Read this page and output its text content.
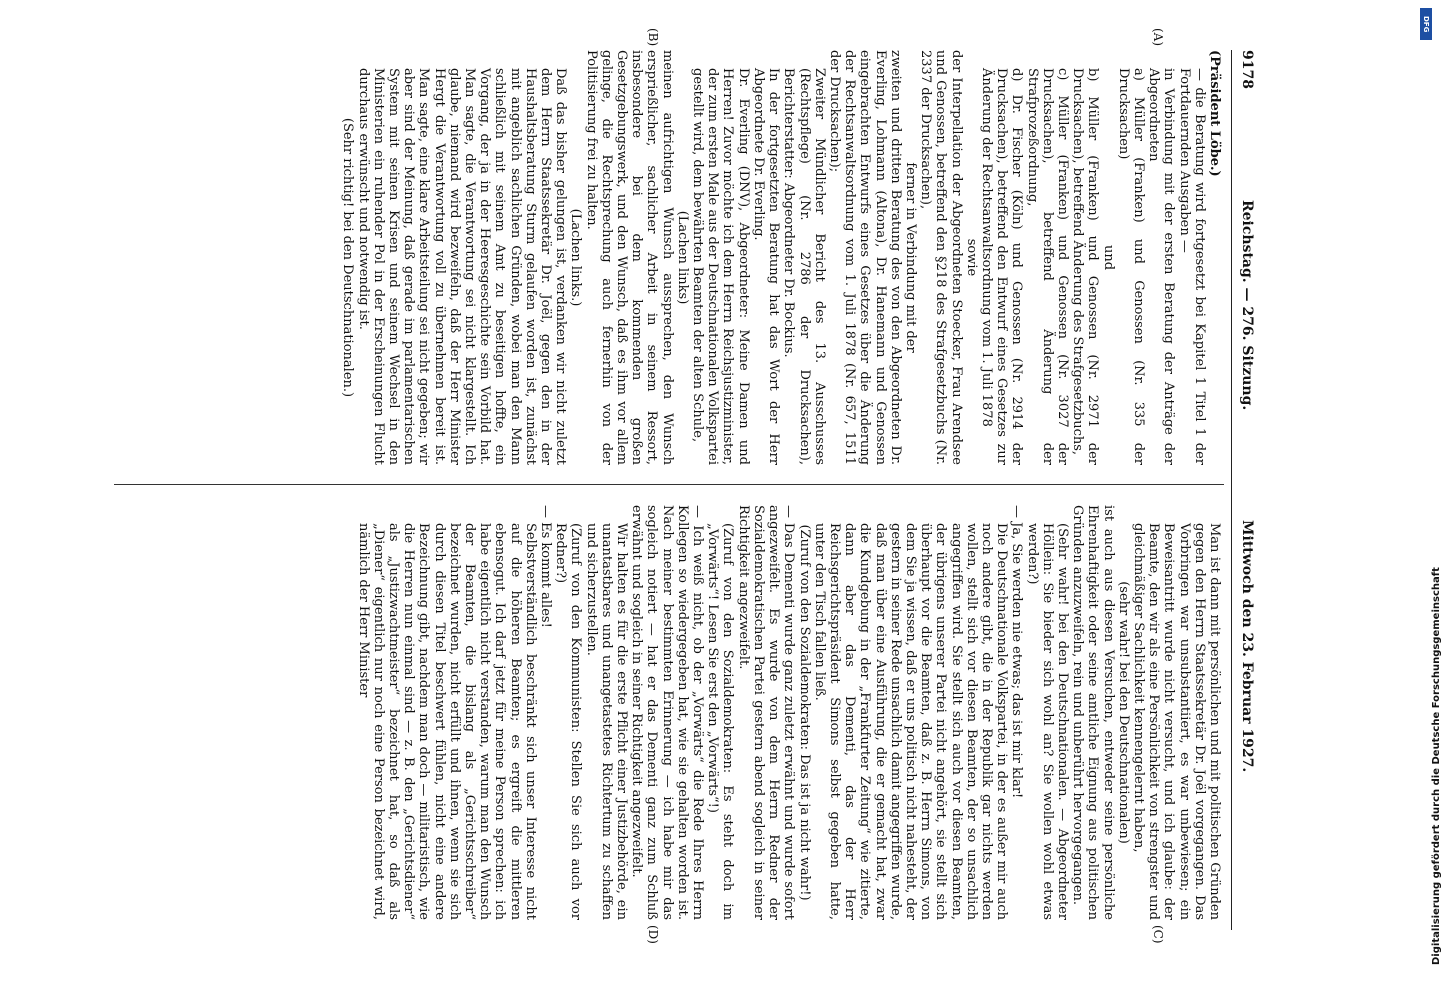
9178
Reichstag. — 276. Sitzung.
Mittwoch den 23. Februar 1927.

(Präsident Löbe.)

— die Beratung wird fortgesetzt bei Kapitel 1 Titel 1 der Fortdauernden Ausgaben —

in Verbindung mit der ersten Beratung der Anträge der Abgeordneten

a) Müller (Franken) und Genossen (Nr. 335 der Drucksachen)

und

b) Müller (Franken) und Genossen (Nr. 2971 der Drucksachen), betreffend Änderung des Strafgesetzbuchs,

c) Müller (Franken) und Genossen (Nr. 3027 der Drucksachen), betreffend Änderung der Strafprozeßordnung,

d) Dr. Fischer (Köln) und Genossen (Nr. 2914 der Drucksachen), betreffend den Entwurf eines Gesetzes zur Änderung der Rechtsanwaltsordnung vom 1. Juli 1878

sowie

der Interpellation der Abgeordneten Stoecker, Frau Arendsee und Genossen, betreffend den §218 des Strafgesetzbuchs (Nr. 2337 der Drucksachen),

ferner in Verbindung mit der

zweiten und dritten Beratung des von den Abgeordneten Dr. Everling, Lohmann (Altona), Dr. Hanemann und Genossen eingebrachten Entwurfs eines Gesetzes über die Änderung der Rechtsanwaltsordnung vom 1. Juli 1878 (Nr. 657, 1511 der Drucksachen);

Zweiter Mündlicher Bericht des 13. Ausschusses (Rechtspflege) (Nr. 2786 der Drucksachen), Berichterstatter: Abgeordneter Dr. Bockius.

In der fortgesetzten Beratung hat das Wort der Herr Abgeordnete Dr. Everling.

Dr. Everling (DNV), Abgeordneter: Meine Damen und Herren! Zuvor möchte ich dem Herrn Reichsjustizminister, der zum ersten Male aus der Deutschnationalen Volkspartei gestellt wird, dem bewährten Beamten der alten Schule,

(Lachen links)

meinen aufrichtigen Wunsch aussprechen, den Wunsch ersprießlicher, sachlicher Arbeit in seinem Ressort, insbesondere bei dem kommenden großen Gesetzgebungswerk, und den Wunsch, daß es ihm vor allem gelinge, die Rechtsprechung auch fernerhin von der Politisierung frei zu halten.

(Lachen links.)

Daß das bisher gelungen ist, verdanken wir nicht zuletzt dem Herrn Staatssekretär Dr. Joël, gegen den in der Haushaltsberatung Sturm gelaufen worden ist, zunächst mit angeblich sachlichen Gründen, wobei man den Mann schließlich mit seinem Amt zu beseitigen hoffte, ein Vorgang, der ja in der Heeresgeschichte sein Vorbild hat. Man sagte, die Verantwortung sei nicht klargestellt. Ich glaube, niemand wird bezweifeln, daß der Herr Minister Hergt die Verantwortung voll zu übernehmen bereit ist. Man sagte, eine klare Arbeitsteilung sei nicht gegeben; wir aber sind der Meinung, daß gerade im parlamentarischen System mit seinen Krisen und seinem Wechsel in den Ministerien ein ruhender Pol in der Erscheinungen Flucht durchaus erwünscht und notwendig ist.

(Sehr richtig! bei den Deutschnationalen.)

Man ist dann mit persönlichen und mit politischen Gründen gegen den Herrn Staatssekretär Dr. Joël vorgegangen. Das Vorbringen war unsubstantiiert, es war unbewiesen; ein Beweisantritt wurde nicht versucht, und ich glaube: der Beamte, den wir als eine Persönlichkeit von strengster und gleichmäßiger Sachlichkeit kennengelernt haben,

(sehr wahr! bei den Deutschnationalen)

ist auch aus diesen Versuchen, entweder seine persönliche Ehrenhaftigkeit oder seine amtliche Eignung aus politischen Gründen anzuzweifeln, rein und unberührt hervorgegangen.

(Sehr wahr! bei den Deutschnationalen. — Abgeordneter Höllein: Sie bieder sich wohl an? Sie wollen wohl etwas werden?)

— Ja, Sie werden nie etwas; das ist mir klar!

Die Deutschnationale Volkspartei, in der es außer mir auch noch andere gibt, die in der Republik gar nichts werden wollen, stellt sich vor diesen Beamten, der so unsachlich angegriffen wird. Sie stellt sich auch vor diesen Beamten, der übrigens unserer Partei nicht angehört, sie stellt sich überhaupt vor die Beamten, daß z. B. Herrn Simons, von dem Sie ja wissen, daß er uns politisch nicht nahesteht, der gestern in seiner Rede unsachlich damit angegriffen wurde, daß man über eine Ausführung, die er gemacht hat, zwar die Kundgebung in der „Frankfurter Zeitung“ wie zitierte, dann aber das Dementi, das der Herr Reichsgerichtspräsident Simons selbst gegeben hatte, unter den Tisch fallen ließ.

(Zuruf von den Sozialdemokraten: Das ist ja nicht wahr!)

— Das Dementi wurde ganz zuletzt erwähnt und wurde sofort angezweifelt. Es wurde von dem Herrn Redner der Sozialdemokratischen Partei gestern abend sogleich in seiner Richtigkeit angezweifelt.

(Zuruf von den Sozialdemokraten: Es steht doch im „Vorwärts“! Lesen Sie erst den „Vorwärts“!)

— Ich weiß nicht, ob der „Vorwärts“ die Rede Ihres Herrn Kollegen so wiedergegeben hat, wie sie gehalten worden ist. Nach meiner bestimmten Erinnerung — ich habe mir das sogleich notiert — hat er das Dementi ganz zum Schluß erwähnt und sogleich in seiner Richtigkeit angezweifelt.

Wir halten es für die erste Pflicht einer Justizbehörde, ein unantastbares und unangetastetes Richtertum zu schaffen und sicherzustellen.

(Zuruf von den Kommunisten: Stellen Sie sich auch vor Redner?)

— Es kommt alles!

Selbstverständlich beschränkt sich unser Interesse nicht auf die höheren Beamten; es ergreift die mittleren ebensogut. Ich darf jetzt für meine Person sprechen: ich habe eigentlich nicht verstanden, warum man den Wunsch der Beamten, die bislang als „Gerichtsschreiber“ bezeichnet wurden, nicht erfüllt und ihnen, wenn sie sich durch diesen Titel beschwert fühlen, nicht eine andere Bezeichnung gibt, nachdem man doch — militaristisch, wie die Herren nun einmal sind — z. B. den „Gerichtsdiener“ als „Justizwachtmeister“ bezeichnet hat, so daß als „Diener“ eigentlich nur noch eine Person bezeichnet wird, nämlich der Herr Minister

(A)
(B)
(C)
(D)	Digitalisierung gefördert durch die Deutsche Forschungsgemeinschaft
DFG
